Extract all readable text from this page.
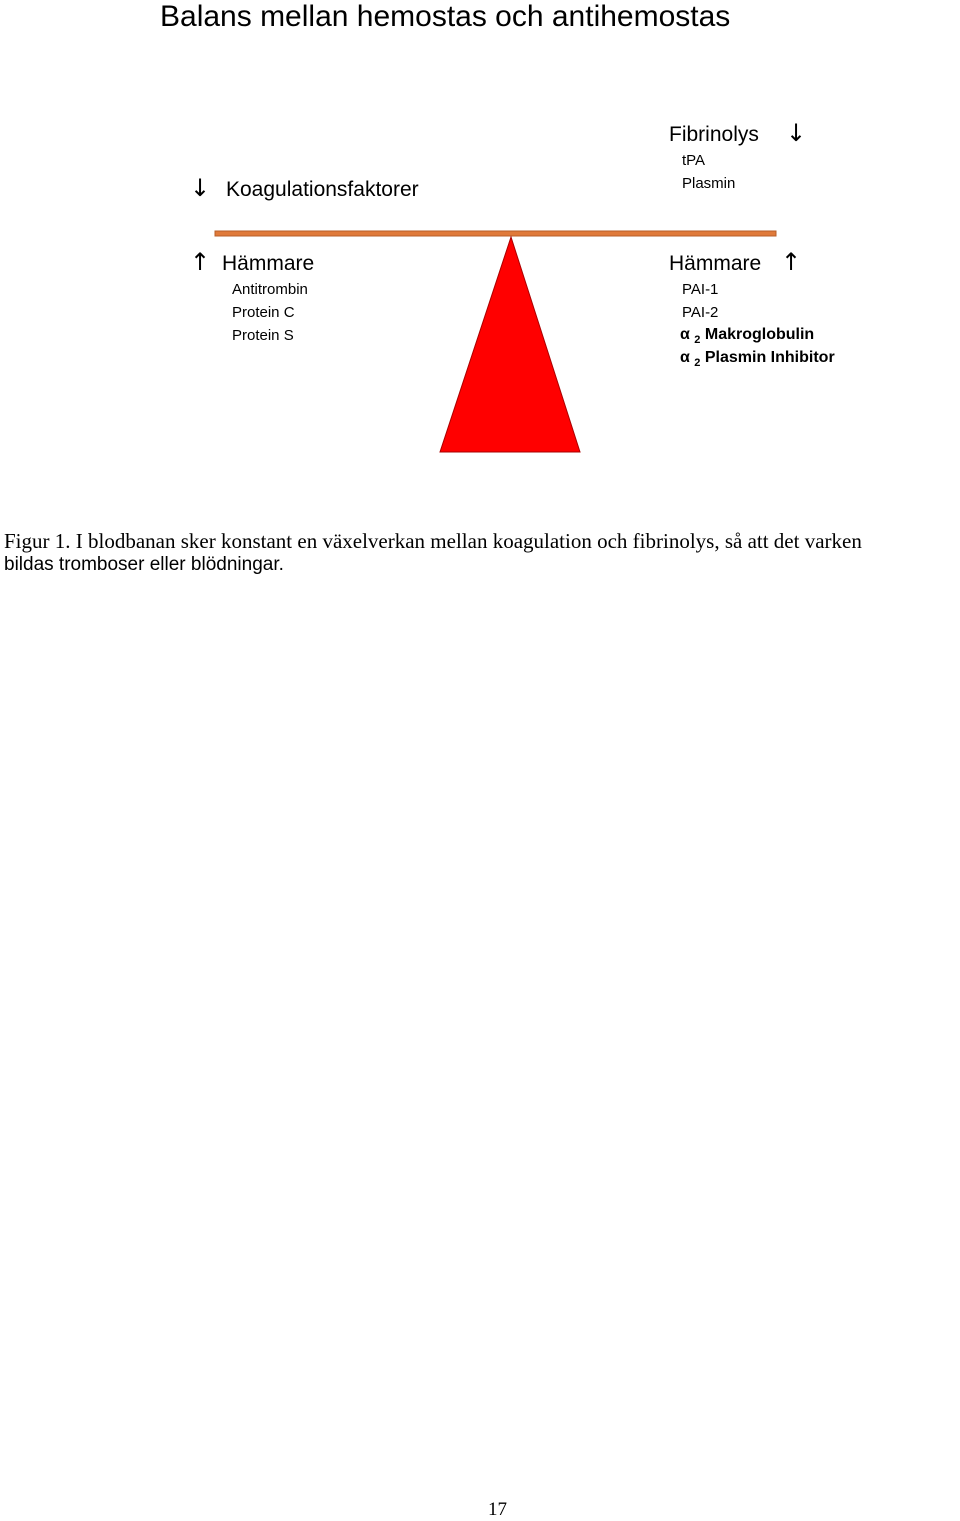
Balans mellan hemostas och antihemostas
↓ Koagulationsfaktorer
Fibrinolys ↓
tPA
Plasmin
↑ Hämmare
Antitrombin
Protein C
Protein S
Hämmare ↑
PAI-1
PAI-2
α $_2$ Makroglobulin
α $_2$ Plasmin Inhibitor
Figur 1. I blodbanan sker konstant en växelverkan mellan koagulation och fibrinolys, så att det varken
bildas tromboser eller blödningar.
17
